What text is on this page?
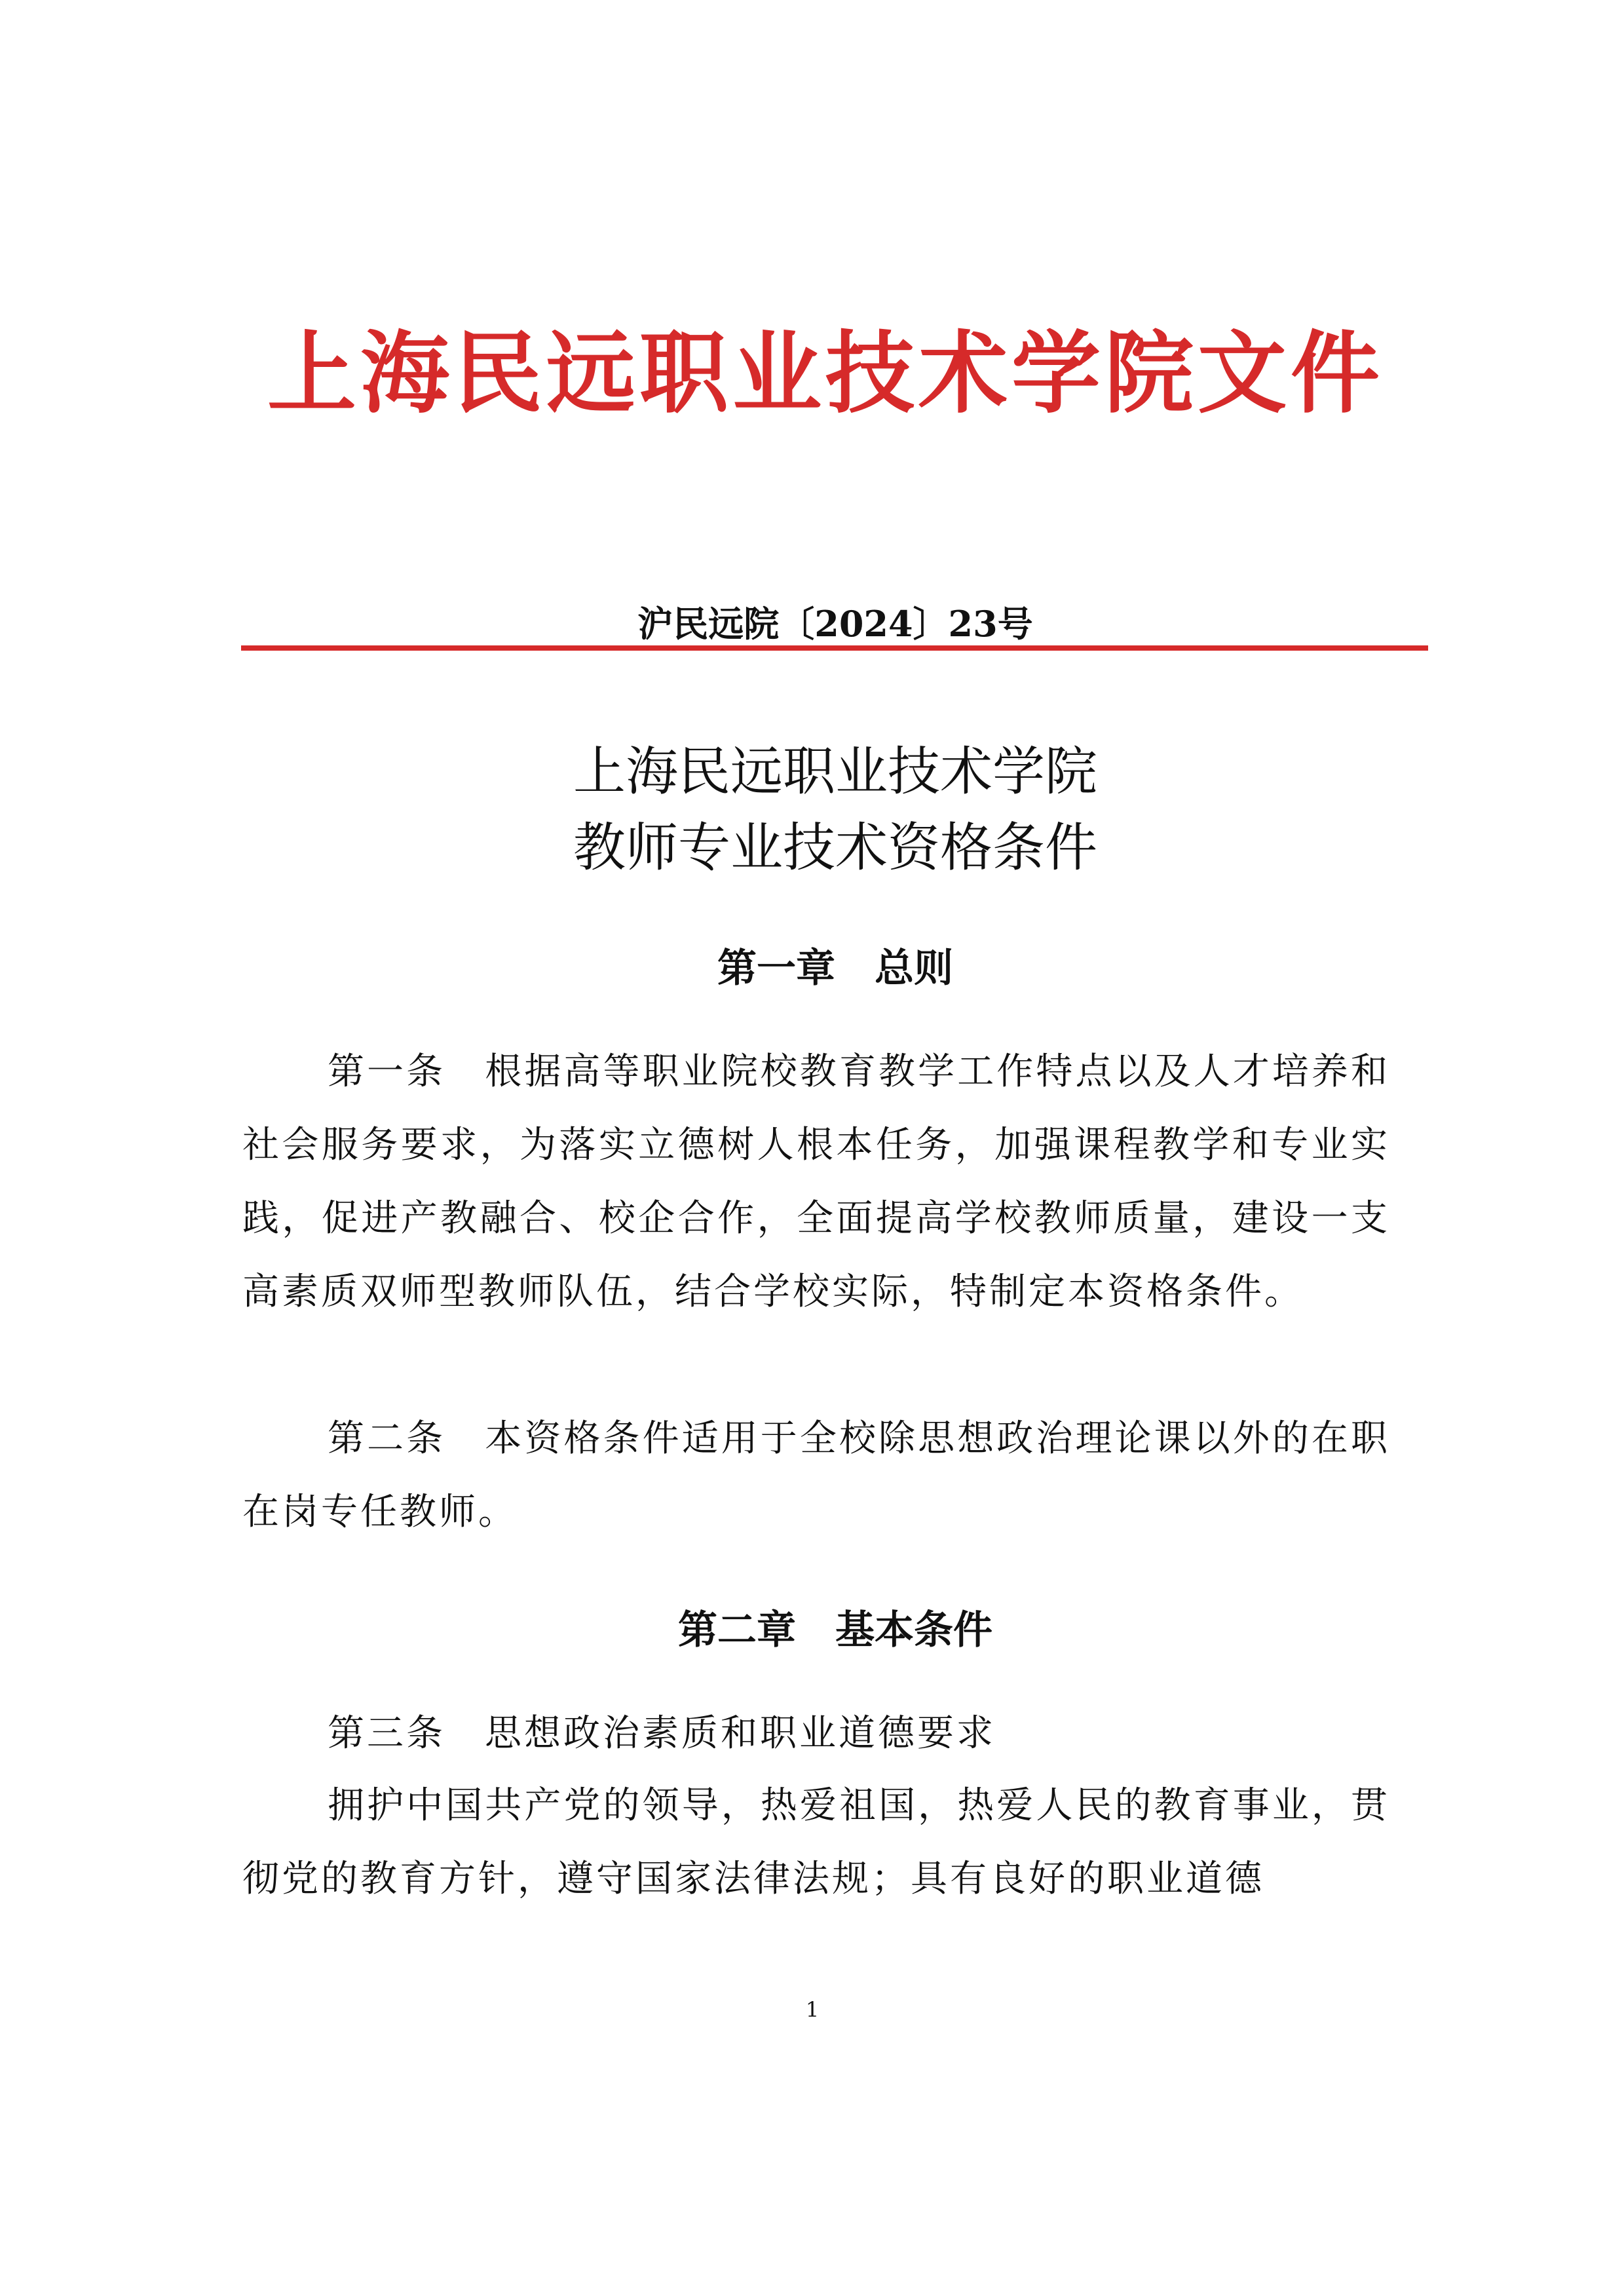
上海民远职业技术学院文件
沪民远院〔2024〕23号
上海民远职业技术学院
教师专业技术资格条件
第一章 总则
第一条 根据高等职业院校教育教学工作特点以及人才培养和社会服务要求，为落实立德树人根本任务，加强课程教学和专业实践，促进产教融合、校企合作，全面提高学校教师质量，建设一支高素质双师型教师队伍，结合学校实际，特制定本资格条件。
第二条 本资格条件适用于全校除思想政治理论课以外的在职在岗专任教师。
第二章 基本条件
第三条 思想政治素质和职业道德要求
拥护中国共产党的领导，热爱祖国，热爱人民的教育事业，贯彻党的教育方针，遵守国家法律法规；具有良好的职业道德
1
